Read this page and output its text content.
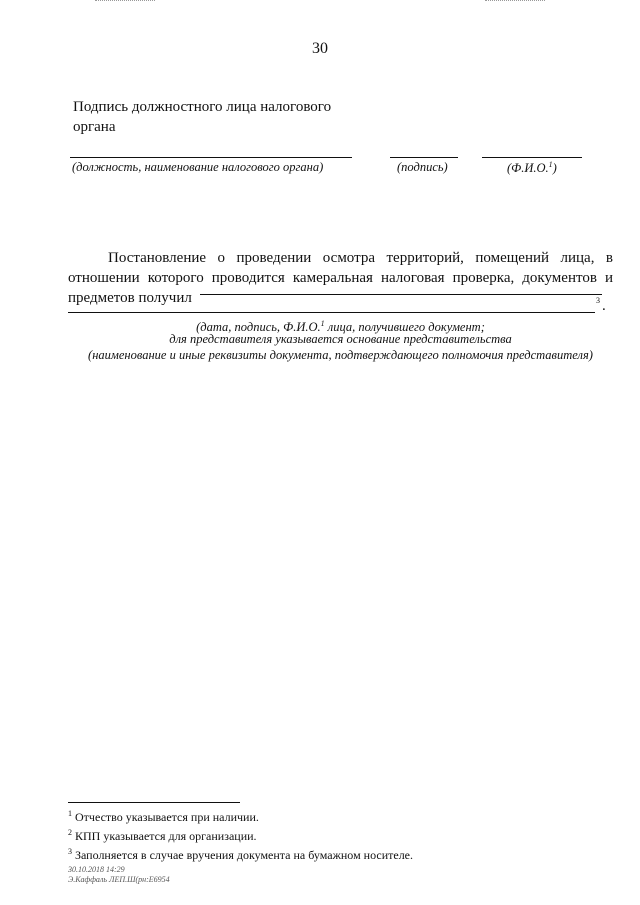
30
Подпись должностного лица налогового органа
(должность, наименование налогового органа)	(подпись)	(Ф.И.О.$^1$)
Постановление о проведении осмотра территорий, помещений лица, в отношении которого проводится камеральная налоговая проверка, документов и предметов получил	3 .
(дата, подпись, Ф.И.О.$^1$ лица, получившего документ;
для представителя указывается основание представительства
(наименование и иные реквизиты документа, подтверждающего полномочия представителя)
$^1$ Отчество указывается при наличии.
$^2$ КПП указывается для организации.
$^3$ Заполняется в случае вручения документа на бумажном носителе.
30.10.2018 14:29
Э.Каффаль ЛЕП.Ш(рн:Е6954
